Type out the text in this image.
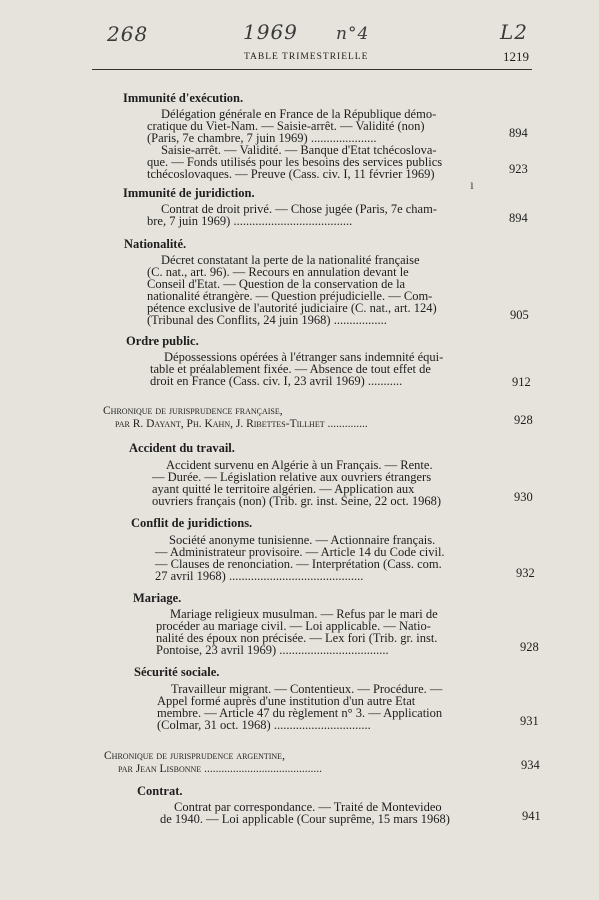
268	1969 n°4	L2
TABLE TRIMESTRIELLE	1219
Immunité d'exécution.
Délégation générale en France de la République démo-
cratique du Viet-Nam. — Saisie-arrêt. — Validité (non)
(Paris, 7e chambre, 7 juin 1969) .....................	894
Saisie-arrêt. — Validité. — Banque d'Etat tchécoslova-
que. — Fonds utilisés pour les besoins des services publics
tchécoslovaques. — Preuve (Cass. civ. I, 11 février 1969)	923
ı
Immunité de juridiction.
Contrat de droit privé. — Chose jugée (Paris, 7e cham-
bre, 7 juin 1969) ......................................	894
Nationalité.
Décret constatant la perte de la nationalité française
(C. nat., art. 96). — Recours en annulation devant le
Conseil d'Etat. — Question de la conservation de la
nationalité étrangère. — Question préjudicielle. — Com-
pétence exclusive de l'autorité judiciaire (C. nat., art. 124)
(Tribunal des Conflits, 24 juin 1968) .................	905
Ordre public.
Dépossessions opérées à l'étranger sans indemnité équi-
table et préalablement fixée. — Absence de tout effet de
droit en France (Cass. civ. I, 23 avril 1969) ...........	912
Chronique de jurisprudence française,
par R. Dayant, Ph. Kahn, J. Ribettes-Tillhet ..............	928
Accident du travail.
Accident survenu en Algérie à un Français. — Rente.
— Durée. — Législation relative aux ouvriers étrangers
ayant quitté le territoire algérien. — Application aux
ouvriers français (non) (Trib. gr. inst. Seine, 22 oct. 1968)	930
Conflit de juridictions.
Société anonyme tunisienne. — Actionnaire français.
— Administrateur provisoire. — Article 14 du Code civil.
— Clauses de renonciation. — Interprétation (Cass. com.
27 avril 1968) ...........................................	932
Mariage.
Mariage religieux musulman. — Refus par le mari de
procéder au mariage civil. — Loi applicable. — Natio-
nalité des époux non précisée. — Lex fori (Trib. gr. inst.
Pontoise, 23 avril 1969) ...................................	928
Sécurité sociale.
Travailleur migrant. — Contentieux. — Procédure. —
Appel formé auprès d'une institution d'un autre Etat
membre. — Article 47 du règlement n° 3. — Application
(Colmar, 31 oct. 1968) ...............................	931
Chronique de jurisprudence argentine,
par Jean Lisbonne .........................................	934
Contrat.
Contrat par correspondance. — Traité de Montevideo
de 1940. — Loi applicable (Cour suprême, 15 mars 1968)	941
